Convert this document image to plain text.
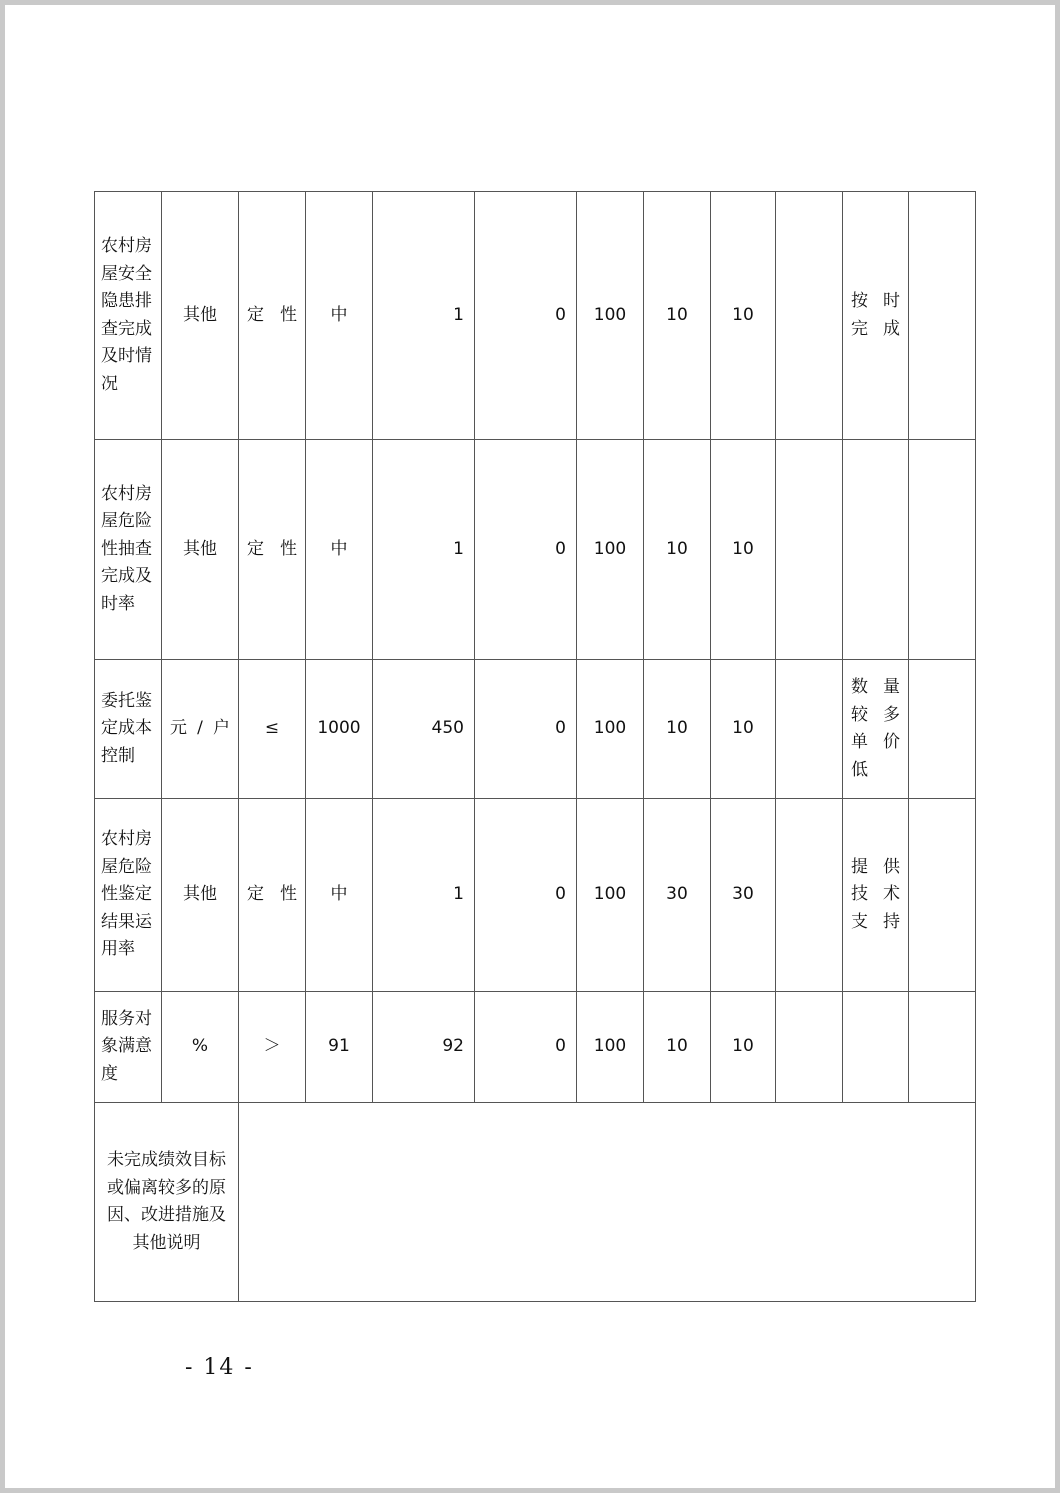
农村房屋安全隐患排查完成及时情况	其他	定性	中	1	0	100	10	10		按时完成	
农村房屋危险性抽查完成及时率	其他	定性	中	1	0	100	10	10			
委托鉴定成本控制	元/户	≤	1000	450	0	100	10	10		数量较多单价低	
农村房屋危险性鉴定结果运用率	其他	定性	中	1	0	100	30	30		提供技术支持	
服务对象满意度	%	＞	91	92	0	100	10	10			
未完成绩效目标或偏离较多的原因、改进措施及其他说明											
- 14 -
